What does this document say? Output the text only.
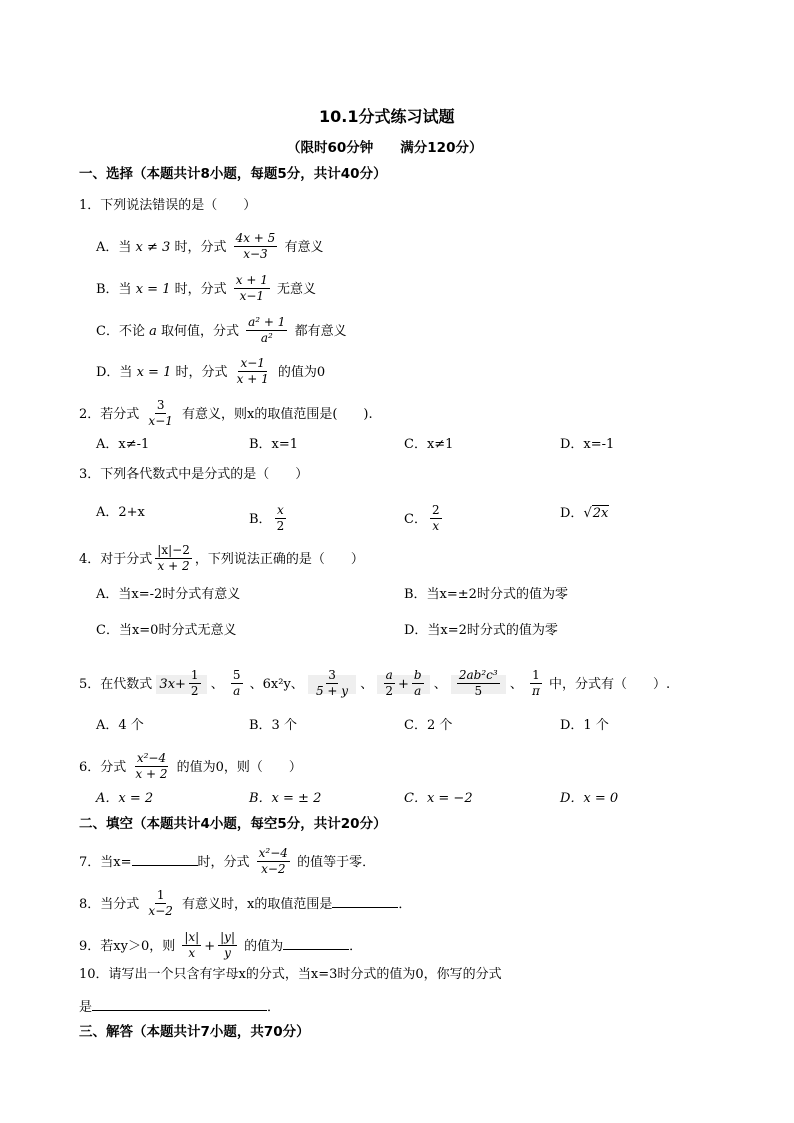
10.1分式练习试题
（限时60分钟　　满分120分）
一、选择（本题共计8小题，每题5分，共计40分）
1．下列说法错误的是（　　）
A．当 x ≠ 3 时，分式 $\frac{4x + 5}{x-3}$ 有意义
B．当 x = 1 时，分式 $\frac{x + 1}{x-1}$ 无意义
C．不论 a 取何值，分式 $\frac{\text{a² + 1}}{\text{a²}}$ 都有意义
D．当 x = 1 时，分式 $\frac{x-1}{x + 1}$ 的值为0
2．若分式 $\frac{3}{x-1}$ 有意义，则x的取值范围是(　　).
A．x≠-1	B．x=1	C．x≠1	D．x=-1
3．下列各代数式中是分式的是（　　）
A．2+x	B． $\frac{x}{2}$	C． $\frac{2}{x}$	D．√2x
4．对于分式 $\frac{|x|-2}{x + 2}$ ，下列说法正确的是（　　）
A．当x=-2时分式有意义	B．当x=±2时分式的值为零
C．当x=0时分式无意义	D．当x=2时分式的值为零
5．在代数式 $3x+ \frac{1}{2}$ 、 $\frac{5}{a}$ 、6x²y、 $\frac{3}{5 + y}$ 、 $\frac{a}{2} + \frac{b}{a}$ 、 $\frac{\text{2ab²c³}}{5}$ 、 $\frac{1}{\pi}$ 中，分式有（　　）.
A．4 个	B．3 个	C．2 个	D．1 个
6．分式 $\frac{\text{x²−4}}{x + 2}$ 的值为0，则（　　）
A．x = 2	B．x = ± 2	C．x = −2	D．x = 0
二、填空（本题共计4小题，每空5分，共计20分）
7．当x=	时，分式 $\frac{\text{x²−4}}{x-2}$ 的值等于零．
8．当分式 $\frac{1}{x-2}$ 有意义时，x的取值范围是	．
9．若xy＞0，则 $\frac{|x|}{x} + \frac{|y|}{y}$ 的值为	．
10．请写出一个只含有字母x的分式，当x=3时分式的值为0，你写的分式
是	．
三、解答（本题共计7小题，共70分）
